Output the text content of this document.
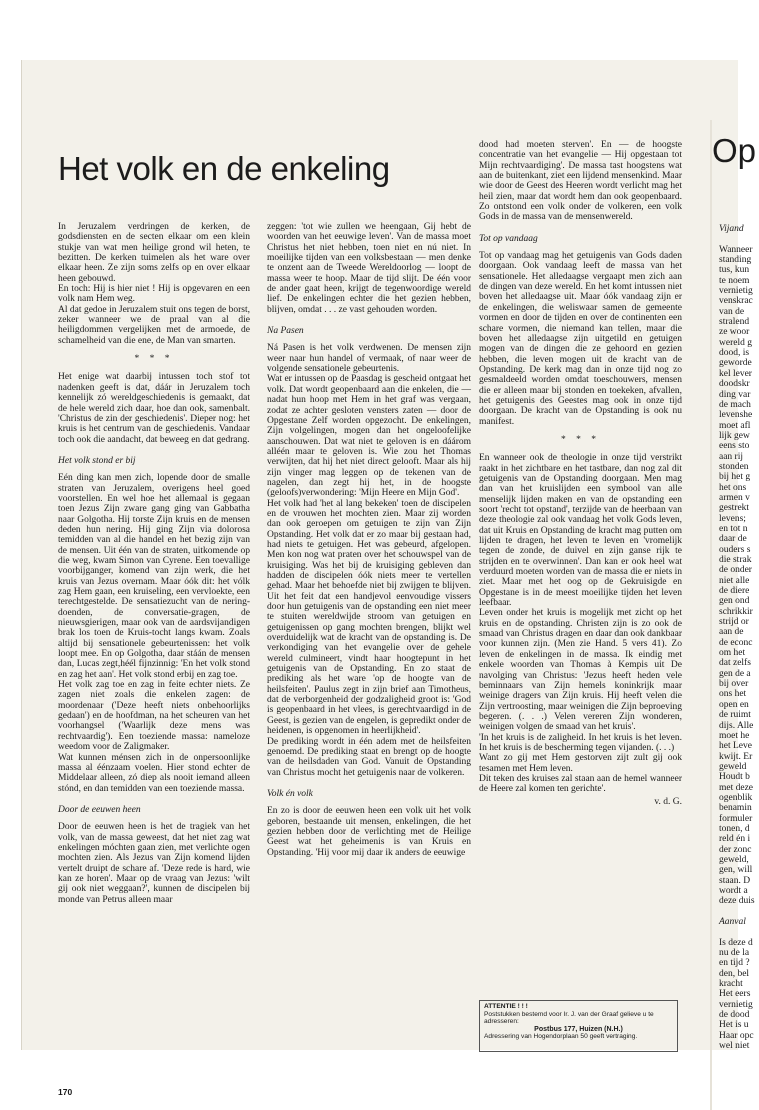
Het volk en de enkeling	Op

In Jeruzalem verdringen de kerken, de godsdiensten en de secten elkaar om een klein stukje van wat men heilige grond wil heten, te bezitten. De kerken tuimelen als het ware over elkaar heen. Ze zijn soms zelfs op en over elkaar heen gebouwd.

En toch: Hij is hier niet ! Hij is opgevaren en een volk nam Hem weg.

Al dat gedoe in Jeruzalem stuit ons tegen de borst, zeker wanneer we de praal van al die heiligdommen vergelijken met de armoede, de schamelheid van die ene, de Man van smarten.

* * *

Het enige wat daarbij intussen toch stof tot nadenken geeft is dat, dáár in Jeruzalem toch kennelijk zó wereldgeschiedenis is gemaakt, dat de hele wereld zich daar, hoe dan ook, samenbalt. 'Christus de zin der geschiedenis'. Dieper nog: het kruis is het centrum van de geschiedenis. Vandaar toch ook die aandacht, dat beweeg en dat gedrang.

Het volk stond er bij

Eén ding kan men zich, lopende door de smalle straten van Jeruzalem, overigens heel goed voorstellen. En wel hoe het allemaal is gegaan toen Jezus Zijn zware gang ging van Gabbatha naar Golgotha. Hij torste Zijn kruis en de mensen deden hun nering. Hij ging Zijn via dolorosa temidden van al die handel en het bezig zijn van de mensen. Uit één van de straten, uitkomende op die weg, kwam Simon van Cyrene. Een toevallige voorbijganger, komend van zijn werk, die het kruis van Jezus overnam. Maar óók dit: het vólk zag Hem gaan, een kruiseling, een vervloekte, een terechtgestelde. De sensatiezucht van de nering-doenden, de conversatie-gragen, de nieuwsgierigen, maar ook van de aardsvijandigen brak los toen de Kruis-tocht langs kwam. Zoals altijd bij sensationele gebeurtenissen: het volk loopt mee. En op Golgotha, daar stáán de mensen dan, Lucas zegt,héél fijnzinnig: 'En het volk stond en zag het aan'. Het volk stond erbij en zag toe.

Het volk zag toe en zag in feite echter niets. Ze zagen niet zoals die enkelen zagen: de moordenaar ('Deze heeft niets onbehoorlijks gedaan') en de hoofdman, na het scheuren van het voorhangsel ('Waarlijk deze mens was rechtvaardig'). Een toeziende massa: nameloze weedom voor de Zaligmaker.

Wat kunnen ménsen zich in de onpersoonlijke massa al éénzaam voelen. Hier stond echter de Middelaar alleen, zó diep als nooit iemand alleen stónd, en dan temidden van een toeziende massa.

Door de eeuwen heen

Door de eeuwen heen is het de tragiek van het volk, van de massa geweest, dat het niet zag wat enkelingen móchten gaan zien, met verlichte ogen mochten zien. Als Jezus van Zijn komend lijden vertelt druipt de schare af. 'Deze rede is hard, wie kan ze horen'. Maar op de vraag van Jezus: 'wilt gij ook niet weggaan?', kunnen de discipelen bij monde van Petrus alleen maar

zeggen: 'tot wie zullen we heengaan, Gij hebt de woorden van het eeuwige leven'. Van de massa moet Christus het niet hebben, toen niet en nú niet. In moeilijke tijden van een volksbestaan — men denke te onzent aan de Tweede Wereldoorlog — loopt de massa weer te hoop. Maar de tijd slijt. De één voor de ander gaat heen, krijgt de tegenwoordige wereld lief. De enkelingen echter die het gezien hebben, blijven, omdat . . . ze vast gehouden worden.

Na Pasen

Ná Pasen is het volk verdwenen. De mensen zijn weer naar hun handel of vermaak, of naar weer de volgende sensationele gebeurtenis.

Wat er intussen op de Paasdag is gescheid ontgaat het volk. Dat wordt geopenbaard aan die enkelen, die — nadat hun hoop met Hem in het graf was vergaan, zodat ze achter gesloten vensters zaten — door de Opgestane Zelf worden opgezocht. De enkelingen, Zijn volgelingen, mogen dan het ongeloofelijke aanschouwen. Dat wat niet te geloven is en dáárom alléén maar te geloven is. Wie zou het Thomas verwijten, dat hij het niet direct gelooft. Maar als hij zijn vinger mag leggen op de tekenen van de nagelen, dan zegt hij het, in de hoogste (geloofs)verwondering: 'Mijn Heere en Mijn God'.

Het volk had 'het al lang bekeken' toen de discipelen en de vrouwen het mochten zien. Maar zij worden dan ook geroepen om getuigen te zijn van Zijn Opstanding. Het volk dat er zo maar bij gestaan had, had niets te getuigen. Het was gebeurd, afgelopen. Men kon nog wat praten over het schouwspel van de kruisiging. Was het bij de kruisiging gebleven dan hadden de discipelen óók niets meer te vertellen gehad. Maar het behoefde niet bij zwijgen te blijven. Uit het feit dat een handjevol eenvoudige vissers door hun getuigenis van de opstanding een niet meer te stuiten wereldwijde stroom van getuigen en getuigenissen op gang mochten brengen, blijkt wel overduidelijk wat de kracht van de opstanding is. De verkondiging van het evangelie over de gehele wereld culmineert, vindt haar hoogtepunt in het getuigenis van de Opstanding. En zo staat de prediking als het ware 'op de hoogte van de heilsfeiten'. Paulus zegt in zijn brief aan Timotheus, dat de verborgenheid der godzaligheid groot is: 'God is geopenbaard in het vlees, is gerechtvaardigd in de Geest, is gezien van de engelen, is gepredikt onder de heidenen, is opgenomen in heerlijkheid'.

De prediking wordt in één adem met de heilsfeiten genoemd. De prediking staat en brengt op de hoogte van de heilsdaden van God. Vanuit de Opstanding van Christus mocht het getuigenis naar de volkeren.

Volk én volk

En zo is door de eeuwen heen een volk uit het volk geboren, bestaande uit mensen, enkelingen, die het gezien hebben door de verlichting met de Heilige Geest wat het geheimenis is van Kruis en Opstanding. 'Hij voor mij daar ik anders de eeuwige

dood had moeten sterven'. En — de hoogste concentratie van het evangelie — Hij opgestaan tot Mijn rechtvaardiging'. De massa tast hoogstens wat aan de buitenkant, ziet een lijdend mensenkind. Maar wie door de Geest des Heeren wordt verlicht mag het heil zien, maar dat wordt hem dan ook geopenbaard. Zo ontstond een volk onder de volkeren, een volk Gods in de massa van de mensenwereld.

Tot op vandaag

Tot op vandaag mag het getuigenis van Gods daden doorgaan. Ook vandaag leeft de massa van het sensationele. Het alledaagse vergaapt men zich aan de dingen van deze wereld. En het komt intussen niet boven het alledaagse uit. Maar óók vandaag zijn er de enkelingen, die weliswaar samen de gemeente vormen en door de tijden en over de continenten een schare vormen, die niemand kan tellen, maar die boven het alledaagse zijn uitgetild en getuigen mogen van de dingen die ze gehoord en gezien hebben, die leven mogen uit de kracht van de Opstanding. De kerk mag dan in onze tijd nog zo gesmaldeeld worden omdat toeschouwers, mensen die er alleen maar bij stonden en toekeken, afvallen, het getuigenis des Geestes mag ook in onze tijd doorgaan. De kracht van de Opstanding is ook nu manifest.

* * *

En wanneer ook de theologie in onze tijd verstrikt raakt in het zichtbare en het tastbare, dan nog zal dit getuigenis van de Opstanding doorgaan. Men mag dan van het kruislijden een symbool van alle menselijk lijden maken en van de opstanding een soort 'recht tot opstand', terzijde van de heerbaan van deze theologie zal ook vandaag het volk Gods leven, dat uit Kruis en Opstanding de kracht mag putten om lijden te dragen, het leven te leven en 'vromelijk tegen de zonde, de duivel en zijn ganse rijk te strijden en te overwinnen'. Dan kan er ook heel wat verduurd moeten worden van de massa die er niets in ziet. Maar met het oog op de Gekruisigde en Opgestane is in de meest moeilijke tijden het leven leefbaar.

Leven onder het kruis is mogelijk met zicht op het kruis en de opstanding. Christen zijn is zo ook de smaad van Christus dragen en daar dan ook dankbaar voor kunnen zijn. (Men zie Hand. 5 vers 41). Zo leven de enkelingen in de massa. Ik eindig met enkele woorden van Thomas à Kempis uit De navolging van Christus: 'Jezus heeft heden vele beminnaars van Zijn hemels koninkrijk maar weinige dragers van Zijn kruis. Hij heeft velen die Zijn vertroosting, maar weinigen die Zijn beproeving begeren. (. . .) Velen vereren Zijn wonderen, weinigen volgen de smaad van het kruis'.

'In het kruis is de zaligheid. In het kruis is het leven. In het kruis is de bescherming tegen vijanden. (. . .)

Want zo gij met Hem gestorven zijt zult gij ook tesamen met Hem leven.

Dit teken des kruises zal staan aan de hemel wanneer de Heere zal komen ten gerichte'.

v. d. G.

Vijand

Wanneer

standing

tus, kun

te noem

vernietig

venskrac

van de

stralend

ze woor

wereld g

dood, is

geworde

kel lever

doodskr

ding var

de mach

levenshe

moet afl

lijk gew

eens sto

aan rij

stonden

bij het g

het ons

armen v

gestrekt

levens;

en tot n

daar de

ouders s

die strak

de onder

niet alle

de diere

gen ond

schrikkir

strijd or

aan de

de econc

om het

dat zelfs

gen de a

bij over

ons het

open en

de ruimt

dijs. Alle

moet he

het Leve

kwijt. Er

geweld

Houdt b

met deze

ogenblik

benamin

formuler

tonen, d

reld én i

der zonc

geweld,

gen, will

staan. D

wordt a

deze duis

Aanval

Is deze d

nu de la

en tijd ?

den, bel

kracht

Het eers

vernietig

de dood

Het is u

Haar opc

wel niet

ATTENTIE ! ! !
Poststukken bestemd voor Ir. J. van der Graaf gelieve u te adresseren:
Postbus 177, Huizen (N.H.)
Adressering van Hogendorplaan 50 geeft vertraging.
170
